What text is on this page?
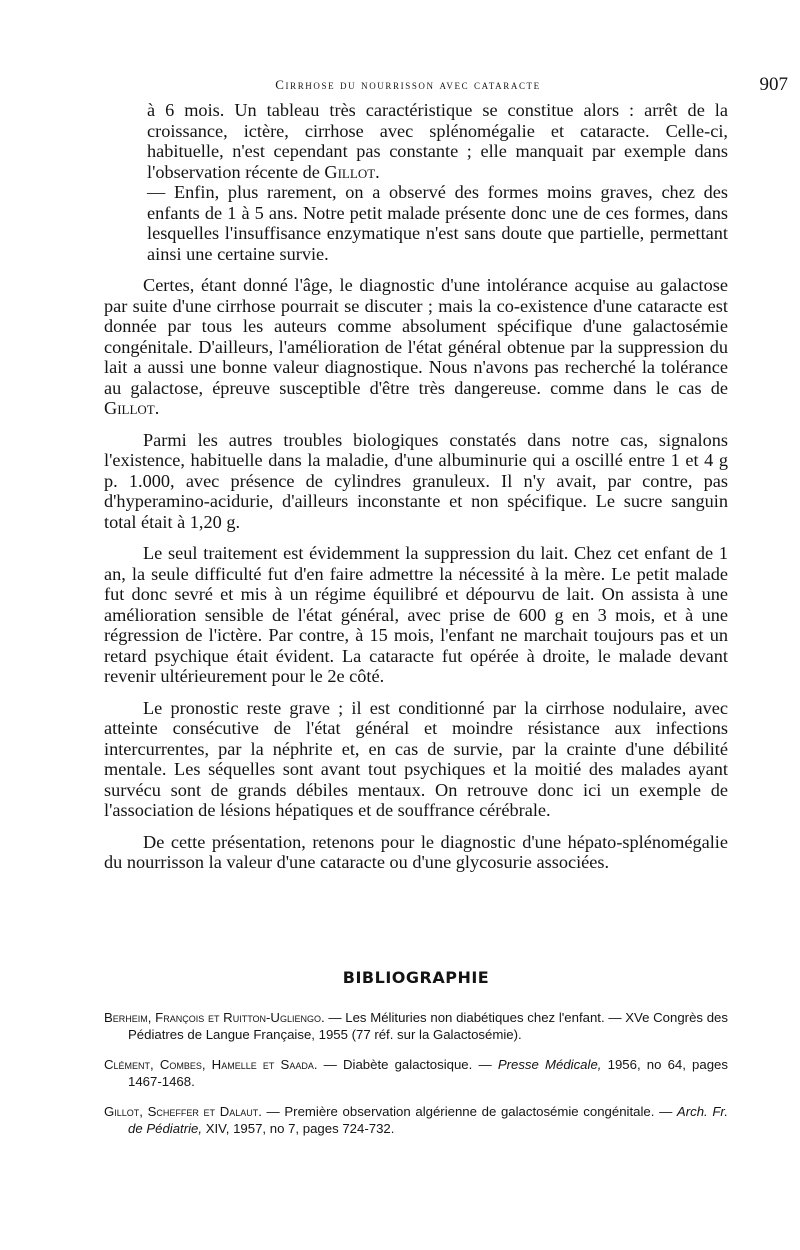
Cirrhose du nourrisson avec cataracte	907

à 6 mois. Un tableau très caractéristique se constitue alors : arrêt de la croissance, ictère, cirrhose avec splénomégalie et cataracte. Celle-ci, habituelle, n'est cependant pas constante ; elle manquait par exemple dans l'observation récente de Gillot.

— Enfin, plus rarement, on a observé des formes moins graves, chez des enfants de 1 à 5 ans. Notre petit malade présente donc une de ces formes, dans lesquelles l'insuffisance enzymatique n'est sans doute que partielle, permettant ainsi une certaine survie.

Certes, étant donné l'âge, le diagnostic d'une intolérance acquise au galactose par suite d'une cirrhose pourrait se discuter ; mais la co-existence d'une cataracte est donnée par tous les auteurs comme absolument spécifique d'une galactosémie congénitale. D'ailleurs, l'amélioration de l'état général obtenue par la suppression du lait a aussi une bonne valeur diagnostique. Nous n'avons pas recherché la tolérance au galactose, épreuve susceptible d'être très dangereuse. comme dans le cas de Gillot.

Parmi les autres troubles biologiques constatés dans notre cas, signalons l'existence, habituelle dans la maladie, d'une albuminurie qui a oscillé entre 1 et 4 g p. 1.000, avec présence de cylindres granuleux. Il n'y avait, par contre, pas d'hyperamino-acidurie, d'ailleurs inconstante et non spécifique. Le sucre sanguin total était à 1,20 g.

Le seul traitement est évidemment la suppression du lait. Chez cet enfant de 1 an, la seule difficulté fut d'en faire admettre la nécessité à la mère. Le petit malade fut donc sevré et mis à un régime équilibré et dépourvu de lait. On assista à une amélioration sensible de l'état général, avec prise de 600 g en 3 mois, et à une régression de l'ictère. Par contre, à 15 mois, l'enfant ne marchait toujours pas et un retard psychique était évident. La cataracte fut opérée à droite, le malade devant revenir ultérieurement pour le 2e côté.

Le pronostic reste grave ; il est conditionné par la cirrhose nodulaire, avec atteinte consécutive de l'état général et moindre résistance aux infections intercurrentes, par la néphrite et, en cas de survie, par la crainte d'une débilité mentale. Les séquelles sont avant tout psychiques et la moitié des malades ayant survécu sont de grands débiles mentaux. On retrouve donc ici un exemple de l'association de lésions hépatiques et de souffrance cérébrale.

De cette présentation, retenons pour le diagnostic d'une hépato-splénomégalie du nourrisson la valeur d'une cataracte ou d'une glycosurie associées.

BIBLIOGRAPHIE

Berheim, François et Ruitton-Ugliengo. — Les Mélituries non diabétiques chez l'enfant. — XVe Congrès des Pédiatres de Langue Française, 1955 (77 réf. sur la Galactosémie).

Clément, Combes, Hamelle et Saada. — Diabète galactosique. — Presse Médicale, 1956, no 64, pages 1467-1468.

Gillot, Scheffer et Dalaut. — Première observation algérienne de galactosémie congénitale. — Arch. Fr. de Pédiatrie, XIV, 1957, no 7, pages 724-732.
